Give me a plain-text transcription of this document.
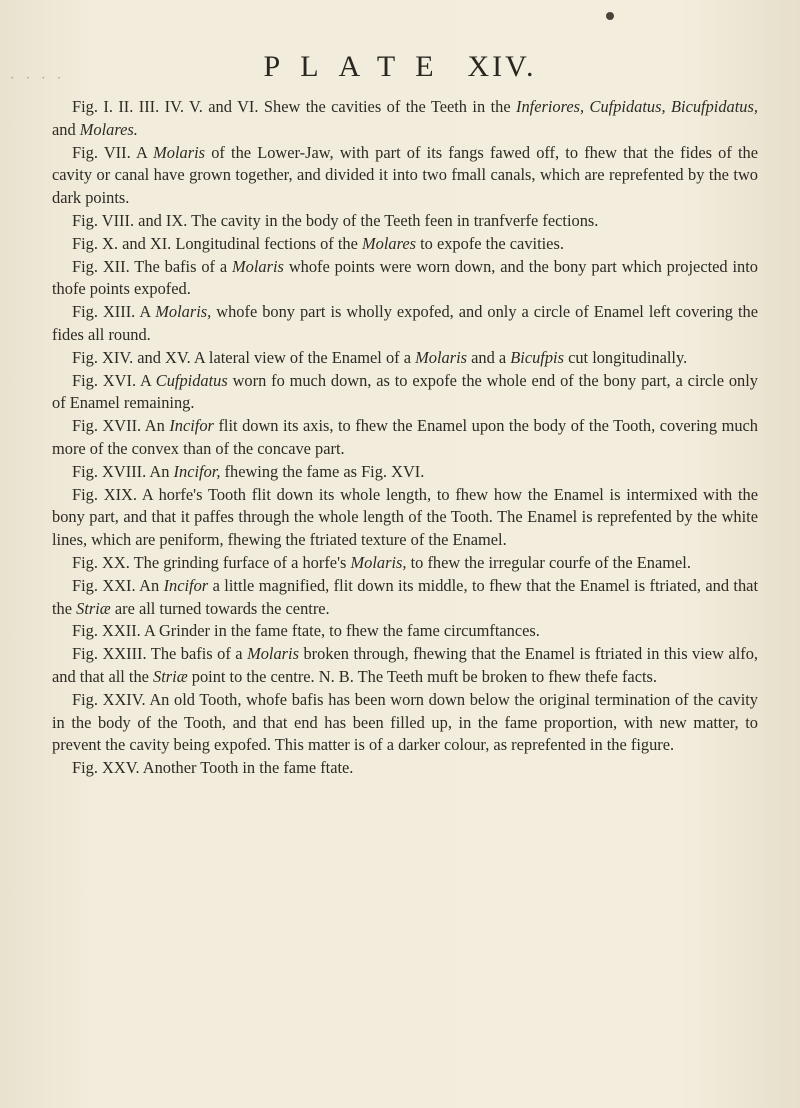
· · · ·	PLATE XIV.

Fig. I. II. III. IV. V. and VI. Shew the cavities of the Teeth in the Inferiores, Cufpidatus, Bicufpidatus, and Molares.

Fig. VII. A Molaris of the Lower-Jaw, with part of its fangs fawed off, to fhew that the fides of the cavity or canal have grown together, and divided it into two fmall canals, which are reprefented by the two dark points.

Fig. VIII. and IX. The cavity in the body of the Teeth feen in tranfverfe fections.

Fig. X. and XI. Longitudinal fections of the Molares to expofe the cavities.

Fig. XII. The bafis of a Molaris whofe points were worn down, and the bony part which projected into thofe points expofed.

Fig. XIII. A Molaris, whofe bony part is wholly expofed, and only a circle of Enamel left covering the fides all round.

Fig. XIV. and XV. A lateral view of the Enamel of a Molaris and a Bicufpis cut longitudinally.

Fig. XVI. A Cufpidatus worn fo much down, as to expofe the whole end of the bony part, a circle only of Enamel remaining.

Fig. XVII. An Incifor flit down its axis, to fhew the Enamel upon the body of the Tooth, covering much more of the convex than of the concave part.

Fig. XVIII. An Incifor, fhewing the fame as Fig. XVI.

Fig. XIX. A horfe's Tooth flit down its whole length, to fhew how the Enamel is intermixed with the bony part, and that it paffes through the whole length of the Tooth. The Enamel is reprefented by the white lines, which are peniform, fhewing the ftriated texture of the Enamel.

Fig. XX. The grinding furface of a horfe's Molaris, to fhew the irregular courfe of the Enamel.

Fig. XXI. An Incifor a little magnified, flit down its middle, to fhew that the Enamel is ftriated, and that the Striæ are all turned towards the centre.

Fig. XXII. A Grinder in the fame ftate, to fhew the fame circumftances.

Fig. XXIII. The bafis of a Molaris broken through, fhewing that the Enamel is ftriated in this view alfo, and that all the Striæ point to the centre. N. B. The Teeth muft be broken to fhew thefe facts.

Fig. XXIV. An old Tooth, whofe bafis has been worn down below the original termination of the cavity in the body of the Tooth, and that end has been filled up, in the fame proportion, with new matter, to prevent the cavity being expofed. This matter is of a darker colour, as reprefented in the figure.

Fig. XXV. Another Tooth in the fame ftate.
